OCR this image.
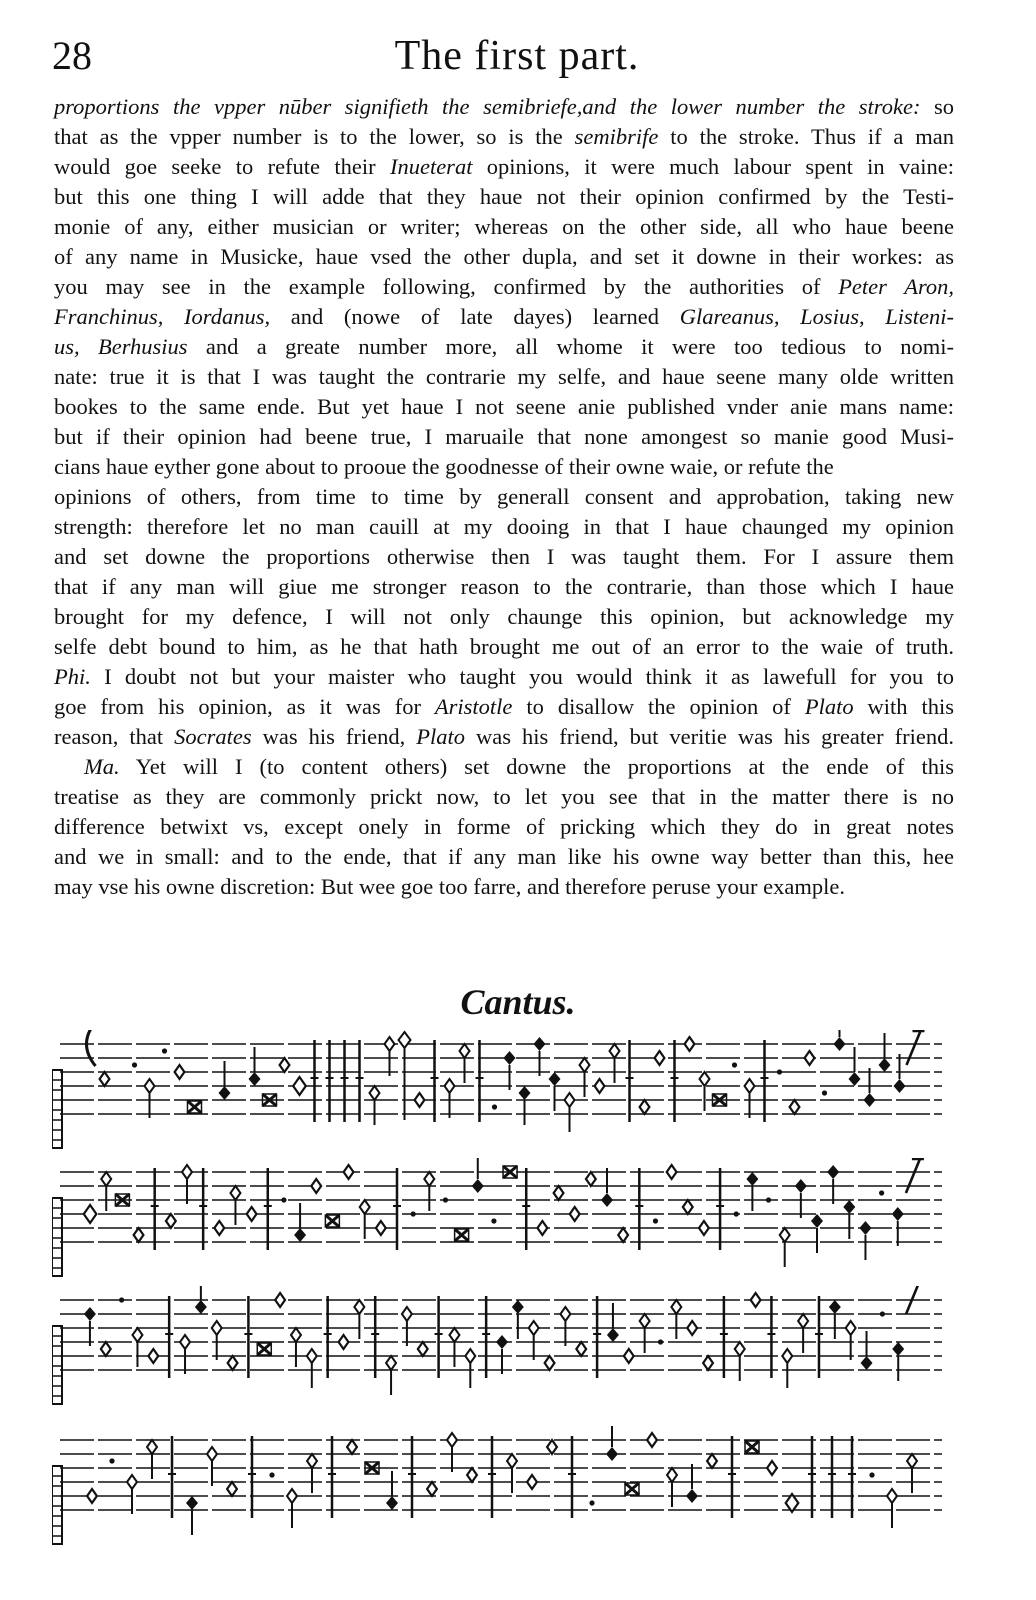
28	The first part.
proportions the vpper nūber signifieth the semibriefe,and the lower number the stroke: so
that as the vpper number is to the lower, so is the semibrife to the stroke. Thus if a man
would goe seeke to refute their Inueterat opinions, it were much labour spent in vaine:
but this one thing I will adde that they haue not their opinion confirmed by the Testi-
monie of any, either musician or writer; whereas on the other side, all who haue beene
of any name in Musicke, haue vsed the other dupla, and set it downe in their workes: as
you may see in the example following, confirmed by the authorities of Peter Aron,
Franchinus, Iordanus, and (nowe of late dayes) learned Glareanus, Losius, Listeni-
us, Berhusius and a greate number more, all whome it were too tedious to nomi-
nate: true it is that I was taught the contrarie my selfe, and haue seene many olde written
bookes to the same ende. But yet haue I not seene anie published vnder anie mans name:
but if their opinion had beene true, I maruaile that none amongest so manie good Musi-
cians haue eyther gone about to prooue the goodnesse of their owne waie, or refute the
opinions of others, from time to time by generall consent and approbation, taking new
strength: therefore let no man cauill at my dooing in that I haue chaunged my opinion
and set downe the proportions otherwise then I was taught them. For I assure them
that if any man will giue me stronger reason to the contrarie, than those which I haue
brought for my defence, I will not only chaunge this opinion, but acknowledge my
selfe debt bound to him, as he that hath brought me out of an error to the waie of truth.
Phi. I doubt not but your maister who taught you would think it as lawefull for you to
goe from his opinion, as it was for Aristotle to disallow the opinion of Plato with this
reason, that Socrates was his friend, Plato was his friend, but veritie was his greater friend.
Ma. Yet will I (to content others) set downe the proportions at the ende of this
treatise as they are commonly prickt now, to let you see that in the matter there is no
difference betwixt vs, except onely in forme of pricking which they do in great notes
and we in small: and to the ende, that if any man like his owne way better than this, hee
may vse his owne discretion: But wee goe too farre, and therefore peruse your example.
Cantus.
